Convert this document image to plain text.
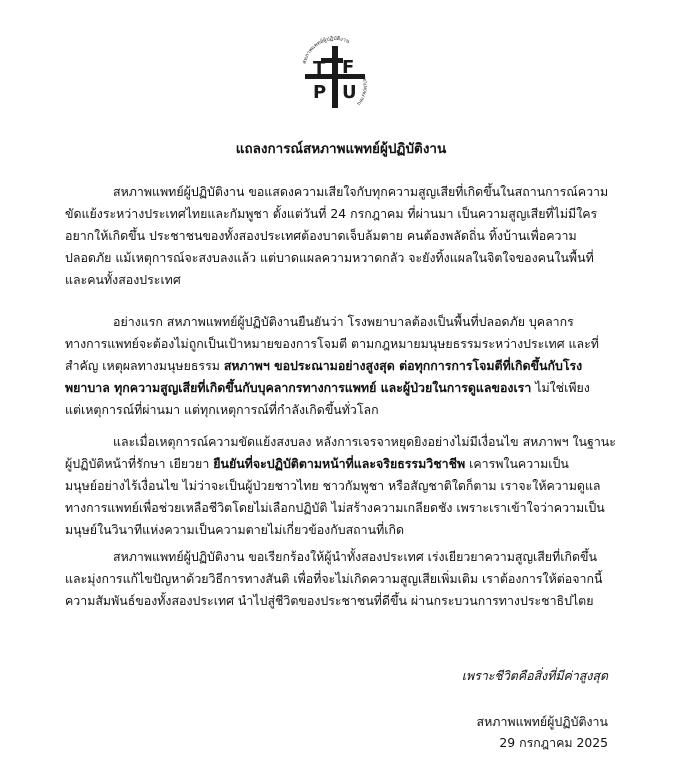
สหภาพแพทย์ผู้ปฏิบัติงาน
T F
P U
THAI FRONTLIN
แถลงการณ์สหภาพแพทย์ผู้ปฏิบัติงาน
สหภาพแพทย์ผู้ปฏิบัติงาน ขอแสดงความเสียใจกับทุกความสูญเสียที่เกิดขึ้นในสถานการณ์ความ
ขัดแย้งระหว่างประเทศไทยและกัมพูชา ตั้งแต่วันที่ 24 กรกฎาคม ที่ผ่านมา เป็นความสูญเสียที่ไม่มีใคร
อยากให้เกิดขึ้น ประชาชนของทั้งสองประเทศต้องบาดเจ็บล้มตาย คนต้องพลัดถิ่น ทิ้งบ้านเพื่อความ
ปลอดภัย แม้เหตุการณ์จะสงบลงแล้ว แต่บาดแผลความหวาดกลัว จะยังทิ้งแผลในจิตใจของคนในพื้นที่
และคนทั้งสองประเทศ
อย่างแรก สหภาพแพทย์ผู้ปฏิบัติงานยืนยันว่า โรงพยาบาลต้องเป็นพื้นที่ปลอดภัย บุคลากร
ทางการแพทย์จะต้องไม่ถูกเป็นเป้าหมายของการโจมตี ตามกฎหมายมนุษยธรรมระหว่างประเทศ และที่
สำคัญ เหตุผลทางมนุษยธรรม สหภาพฯ ขอประณามอย่างสูงสุด ต่อทุกการการโจมตีที่เกิดขึ้นกับโรง
พยาบาล ทุกความสูญเสียที่เกิดขึ้นกับบุคลากรทางการแพทย์ และผู้ป่วยในการดูแลของเรา ไม่ใช่เพียง
แต่เหตุการณ์ที่ผ่านมา แต่ทุกเหตุการณ์ที่กำลังเกิดขึ้นทั่วโลก
และเมื่อเหตุการณ์ความขัดแย้งสงบลง หลังการเจรจาหยุดยิงอย่างไม่มีเงื่อนไข สหภาพฯ ในฐานะ
ผู้ปฏิบัติหน้าที่รักษา เยียวยา ยืนยันที่จะปฏิบัติตามหน้าที่และจริยธรรมวิชาชีพ เคารพในความเป็น
มนุษย์อย่างไร้เงื่อนไข ไม่ว่าจะเป็นผู้ป่วยชาวไทย ชาวกัมพูชา หรือสัญชาติใดก็ตาม เราจะให้ความดูแล
ทางการแพทย์เพื่อช่วยเหลือชีวิตโดยไม่เลือกปฏิบัติ ไม่สร้างความเกลียดชัง เพราะเราเข้าใจว่าความเป็น
มนุษย์ในวินาทีแห่งความเป็นความตายไม่เกี่ยวข้องกับสถานที่เกิด
สหภาพแพทย์ผู้ปฏิบัติงาน ขอเรียกร้องให้ผู้นำทั้งสองประเทศ เร่งเยียวยาความสูญเสียที่เกิดขึ้น
และมุ่งการแก้ไขปัญหาด้วยวิธีการทางสันติ เพื่อที่จะไม่เกิดความสูญเสียเพิ่มเติม เราต้องการให้ต่อจากนี้
ความสัมพันธ์ของทั้งสองประเทศ นำไปสู่ชีวิตของประชาชนที่ดีขึ้น ผ่านกระบวนการทางประชาธิปไตย
เพราะชีวิตคือสิ่งที่มีค่าสูงสุด
สหภาพแพทย์ผู้ปฏิบัติงาน
29 กรกฎาคม 2025
